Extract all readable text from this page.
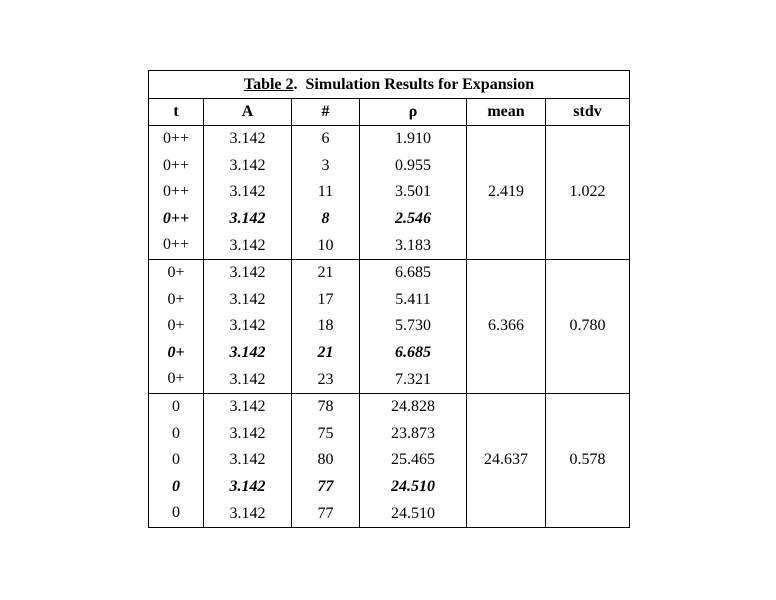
Table 2. Simulation Results for Expansion					
t	A	#	ρ	mean	stdv
0++	3.142	6	1.910	2.419	1.022
0++	3.142	3	0.955		
0++	3.142	11	3.501		
0++	3.142	8	2.546		
0++	3.142	10	3.183		
0+	3.142	21	6.685	6.366	0.780
0+	3.142	17	5.411		
0+	3.142	18	5.730		
0+	3.142	21	6.685		
0+	3.142	23	7.321		
0	3.142	78	24.828	24.637	0.578
0	3.142	75	23.873		
0	3.142	80	25.465		
0	3.142	77	24.510		
0	3.142	77	24.510		
